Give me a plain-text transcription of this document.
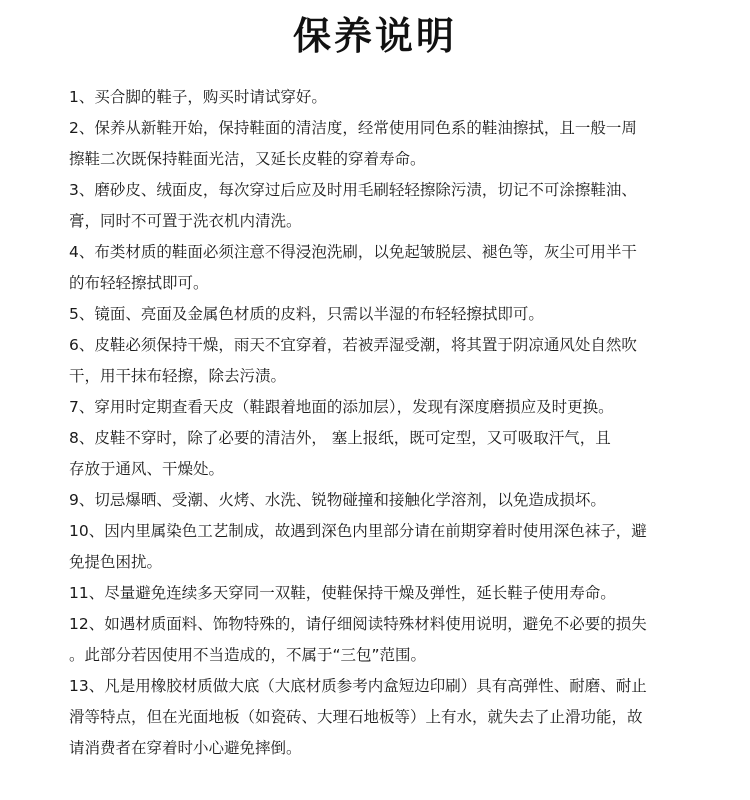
保养说明
1、买合脚的鞋子，购买时请试穿好。
2、保养从新鞋开始，保持鞋面的清洁度，经常使用同色系的鞋油擦拭，且一般一周
擦鞋二次既保持鞋面光洁，又延长皮鞋的穿着寿命。
3、磨砂皮、绒面皮，每次穿过后应及时用毛刷轻轻擦除污渍，切记不可涂擦鞋油、
膏，同时不可置于洗衣机内清洗。
4、布类材质的鞋面必须注意不得浸泡洗刷，以免起皱脱层、褪色等，灰尘可用半干
的布轻轻擦拭即可。
5、镜面、亮面及金属色材质的皮料，只需以半湿的布轻轻擦拭即可。
6、皮鞋必须保持干燥，雨天不宜穿着，若被弄湿受潮，将其置于阴凉通风处自然吹
干，用干抹布轻擦，除去污渍。
7、穿用时定期查看天皮（鞋跟着地面的添加层），发现有深度磨损应及时更换。
8、皮鞋不穿时，除了必要的清洁外， 塞上报纸，既可定型，又可吸取汗气，且
存放于通风、干燥处。
9、切忌爆晒、受潮、火烤、水洗、锐物碰撞和接触化学溶剂，以免造成损坏。
10、因内里属染色工艺制成，故遇到深色内里部分请在前期穿着时使用深色袜子，避
免提色困扰。
11、尽量避免连续多天穿同一双鞋，使鞋保持干燥及弹性，延长鞋子使用寿命。
12、如遇材质面料、饰物特殊的，请仔细阅读特殊材料使用说明，避免不必要的损失
。此部分若因使用不当造成的，不属于“三包”范围。
13、凡是用橡胶材质做大底（大底材质参考内盒短边印刷）具有高弹性、耐磨、耐止
滑等特点，但在光面地板（如瓷砖、大理石地板等）上有水，就失去了止滑功能，故
请消费者在穿着时小心避免摔倒。
